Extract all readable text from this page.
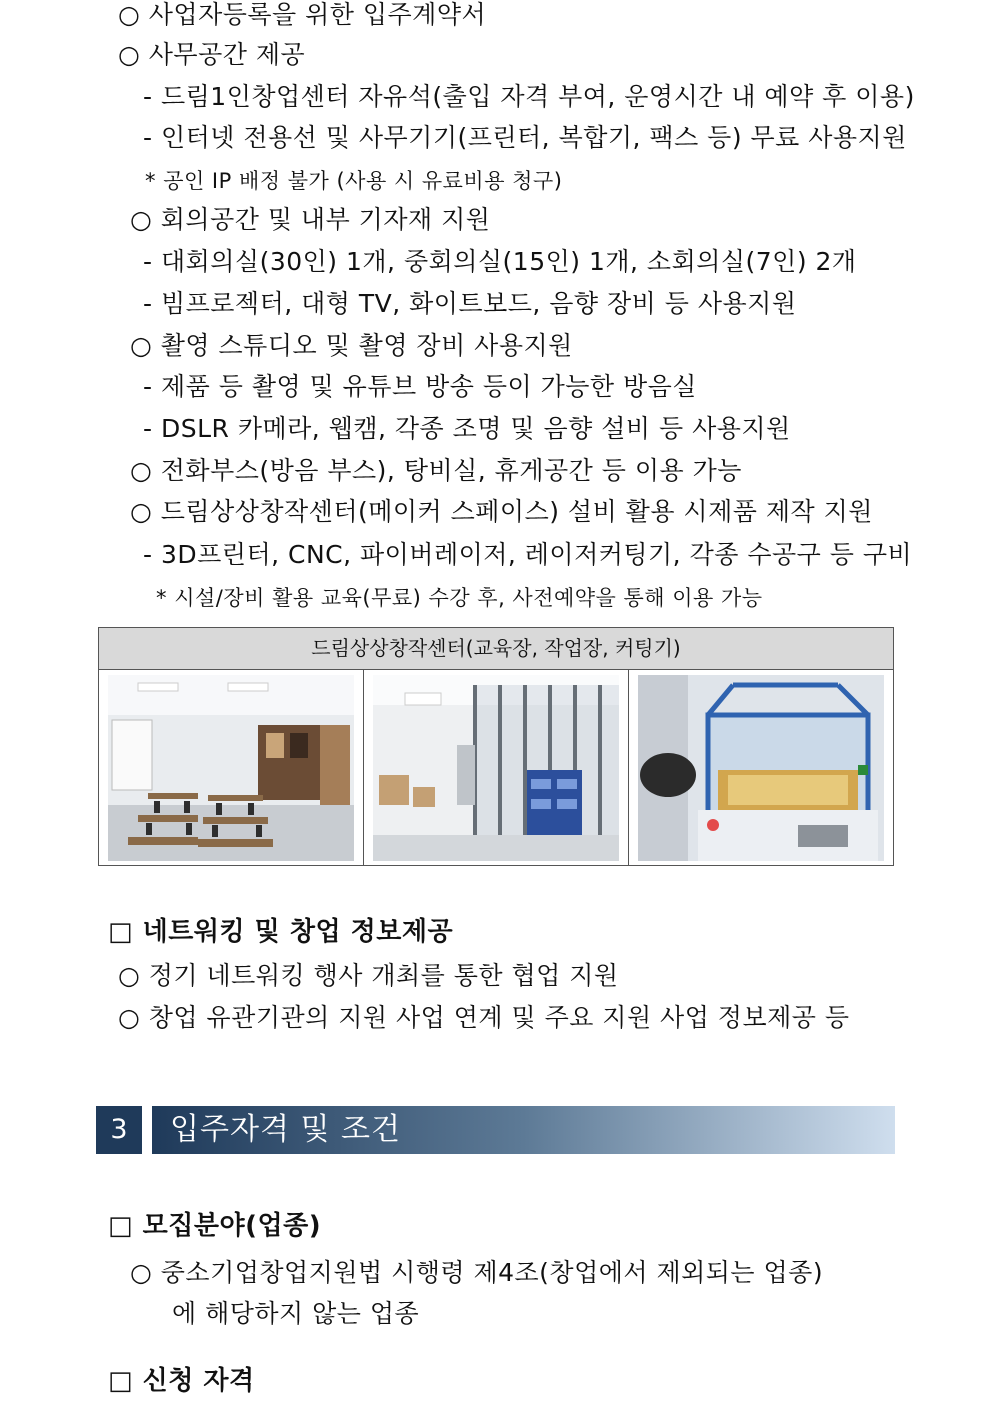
○ 사업자등록을 위한 입주계약서
○ 사무공간 제공
- 드림1인창업센터 자유석(출입 자격 부여, 운영시간 내 예약 후 이용)
- 인터넷 전용선 및 사무기기(프린터, 복합기, 팩스 등) 무료 사용지원
* 공인 IP 배정 불가 (사용 시 유료비용 청구)
○ 회의공간 및 내부 기자재 지원
- 대회의실(30인) 1개, 중회의실(15인) 1개, 소회의실(7인) 2개
- 빔프로젝터, 대형 TV, 화이트보드, 음향 장비 등 사용지원
○ 촬영 스튜디오 및 촬영 장비 사용지원
- 제품 등 촬영 및 유튜브 방송 등이 가능한 방음실
- DSLR 카메라, 웹캠, 각종 조명 및 음향 설비 등 사용지원
○ 전화부스(방음 부스), 탕비실, 휴게공간 등 이용 가능
○ 드림상상창작센터(메이커 스페이스) 설비 활용 시제품 제작 지원
- 3D프린터, CNC, 파이버레이저, 레이저커팅기, 각종 수공구 등 구비
* 시설/장비 활용 교육(무료) 수강 후, 사전예약을 통해 이용 가능
드림상상창작센터(교육장, 작업장, 커팅기)
□ 네트워킹 및 창업 정보제공
○ 정기 네트워킹 행사 개최를 통한 협업 지원
○ 창업 유관기관의 지원 사업 연계 및 주요 지원 사업 정보제공 등
3	입주자격 및 조건
□ 모집분야(업종)
○ 중소기업창업지원법 시행령 제4조(창업에서 제외되는 업종)
에 해당하지 않는 업종
□ 신청 자격
